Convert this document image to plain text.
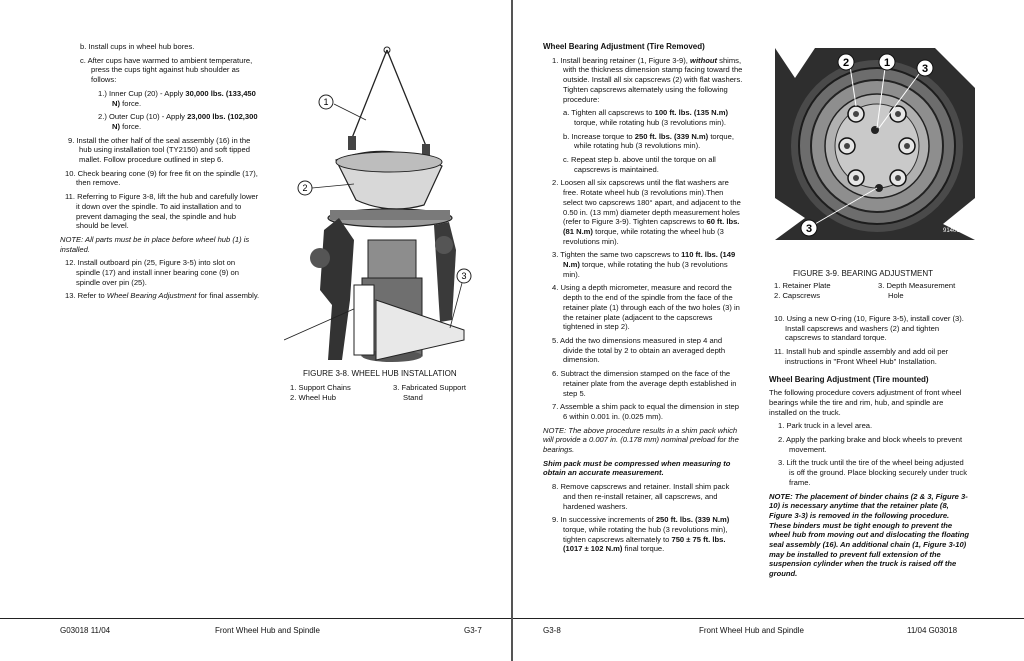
b. Install cups in wheel hub bores.

c. After cups have warmed to ambient temperature, press the cups tight against hub shoulder as follows:

1.) Inner Cup (20) - Apply 30,000 lbs. (133,450 N) force.

2.) Outer Cup (10) - Apply 23,000 lbs. (102,300 N) force.

9. Install the other half of the seal assembly (16) in the hub using installation tool (TY2150) and soft tipped mallet. Follow procedure outlined in step 6.

10. Check bearing cone (9) for free fit on the spindle (17), then remove.

11. Referring to Figure 3-8, lift the hub and carefully lower it down over the spindle. To aid installation and to prevent damaging the seal, the spindle and hub should be level.

NOTE: All parts must be in place before wheel hub (1) is installed.

12. Install outboard pin (25, Figure 3-5) into slot on spindle (17) and install inner bearing cone (9) on spindle over pin (25).

13. Refer to Wheel Bearing Adjustment for final assembly.

1
2
3
FIGURE 3-8. WHEEL HUB INSTALLATION
1. Support Chains
2. Wheel Hub
3. Fabricated Support
Stand
G03018 11/04	Front Wheel Hub and Spindle	G3-7

Wheel Bearing Adjustment (Tire Removed)

1. Install bearing retainer (1, Figure 3-9), without shims, with the thickness dimension stamp facing toward the outside. Install all six capscrews (2) with flat washers. Tighten capscrews alternately using the following procedure:

a. Tighten all capscrews to 100 ft. lbs. (135 N.m) torque, while rotating hub (3 revolutions min).

b. Increase torque to 250 ft. lbs. (339 N.m) torque, while rotating hub (3 revolutions min).

c. Repeat step b. above until the torque on all capscrews is maintained.

2. Loosen all six capscrews until the flat washers are free. Rotate wheel hub (3 revolutions min).Then select two capscrews 180° apart, and adjacent to the 0.50 in. (13 mm) diameter depth measurement holes (refer to Figure 3-9). Tighten capscrews to 60 ft. lbs. (81 N.m) torque, while rotating the wheel hub (3 revolutions min).

3. Tighten the same two capscrews to 110 ft. lbs. (149 N.m) torque, while rotating the hub (3 revolutions min).

4. Using a depth micrometer, measure and record the depth to the end of the spindle from the face of the retainer plate (1) through each of the two holes (3) in the retainer plate (adjacent to the capscrews tightened in step 2).

5. Add the two dimensions measured in step 4 and divide the total by 2 to obtain an averaged depth dimension.

6. Subtract the dimension stamped on the face of the retainer plate from the average depth established in step 5.

7. Assemble a shim pack to equal the dimension in step 6 within 0.001 in. (0.025 mm).

NOTE: The above procedure results in a shim pack which will provide a 0.007 in. (0.178 mm) nominal preload for the bearings.

Shim pack must be compressed when measuring to obtain an accurate measurement.

8. Remove capscrews and retainer. Install shim pack and then re-install retainer, all capscrews, and hardened washers.

9. In successive increments of 250 ft. lbs. (339 N.m) torque, while rotating the hub (3 revolutions min), tighten capscrews alternately to 750 ± 75 ft. lbs. (1017 ± 102 N.m) final torque.

2	1	3
3	91401
FIGURE 3-9. BEARING ADJUSTMENT
1. Retainer Plate
2. Capscrews
3. Depth Measurement
Hole

10. Using a new O-ring (10, Figure 3-5), install cover (3). Install capscrews and washers (2) and tighten capscrews to standard torque.

11. Install hub and spindle assembly and add oil per instructions in "Front Wheel Hub" Installation.

Wheel Bearing Adjustment (Tire mounted)

The following procedure covers adjustment of front wheel bearings while the tire and rim, hub, and spindle are installed on the truck.

1. Park truck in a level area.

2. Apply the parking brake and block wheels to prevent movement.

3. Lift the truck until the tire of the wheel being adjusted is off the ground. Place blocking securely under truck frame.

NOTE: The placement of binder chains (2 & 3, Figure 3-10) is necessary anytime that the retainer plate (8, Figure 3-3) is removed in the following procedure. These binders must be tight enough to prevent the wheel hub from moving out and dislocating the floating seal assembly (16). An additional chain (1, Figure 3-10) may be installed to prevent full extension of the suspension cylinder when the truck is raised off the ground.

G3-8	Front Wheel Hub and Spindle	11/04 G03018
